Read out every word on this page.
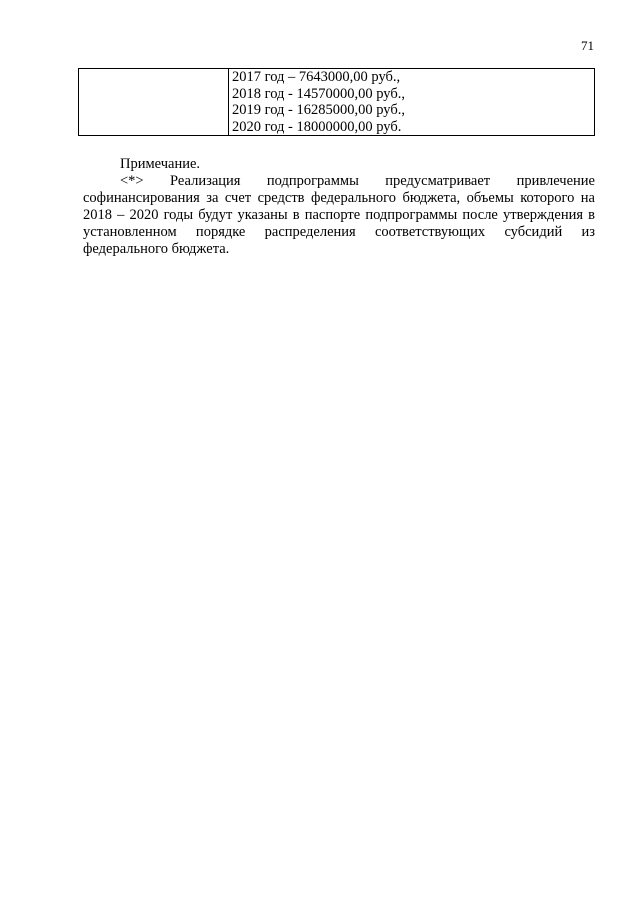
71

2017 год – 7643000,00 руб.,
2018 год - 14570000,00 руб.,
2019 год - 16285000,00 руб.,
2020 год - 18000000,00 руб.
Примечание.
<*> Реализация подпрограммы предусматривает привлечение софинансирования за счет средств федерального бюджета, объемы которого на 2018 – 2020 годы будут указаны в паспорте подпрограммы после утверждения в установленном порядке распределения соответствующих субсидий из федерального бюджета.
